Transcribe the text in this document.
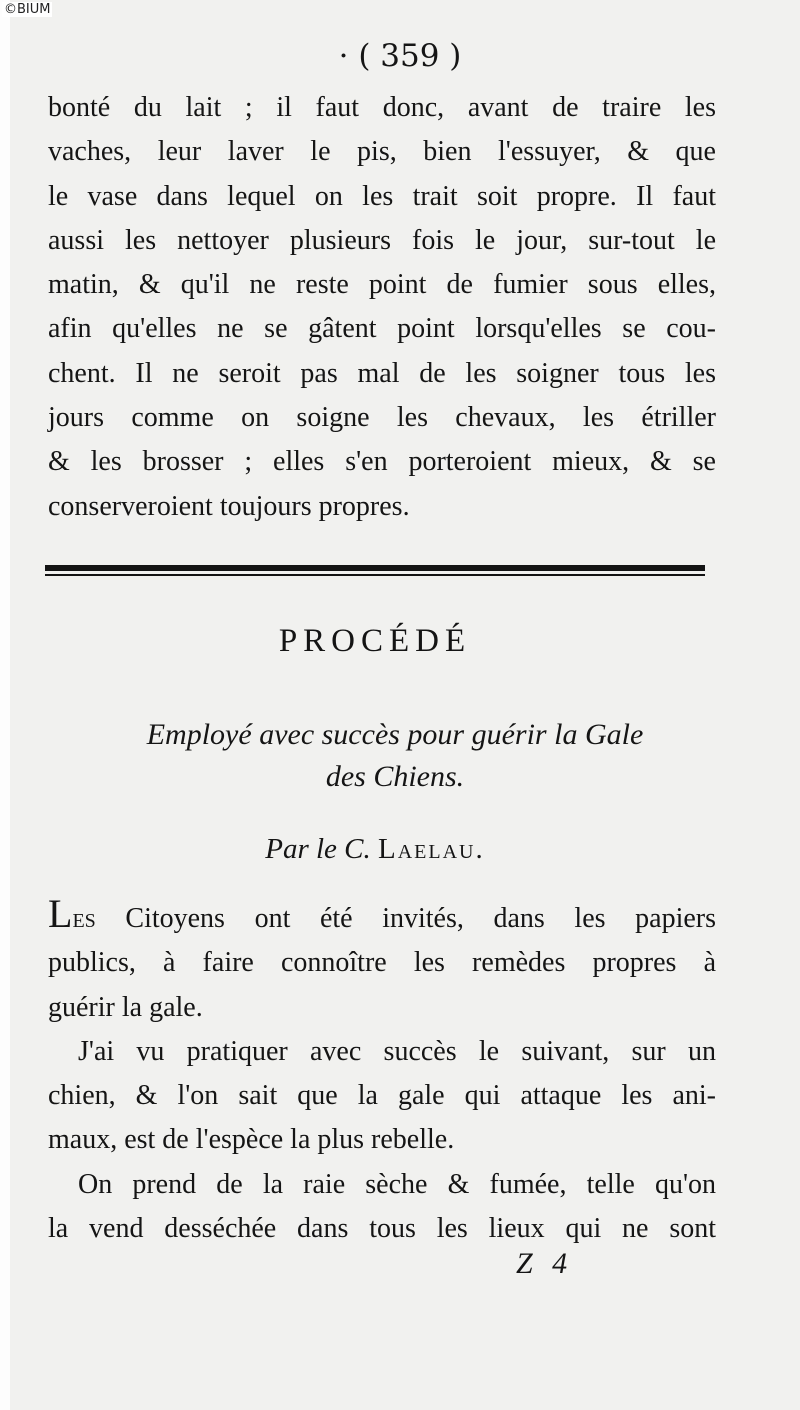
©BIUM
· ( 359 )
bonté du lait ; il faut donc, avant de traire les
vaches, leur laver le pis, bien l'essuyer, & que
le vase dans lequel on les trait soit propre. Il faut
aussi les nettoyer plusieurs fois le jour, sur-tout le
matin, & qu'il ne reste point de fumier sous elles,
afin qu'elles ne se gâtent point lorsqu'elles se cou-
chent. Il ne seroit pas mal de les soigner tous les
jours comme on soigne les chevaux, les étriller
& les brosser ; elles s'en porteroient mieux, & se
conserveroient toujours propres.
PROCÉDÉ
Employé avec succès pour guérir la Gale
des Chiens.
Par le C. Laelau.
Les Citoyens ont été invités, dans les papiers
publics, à faire connoître les remèdes propres à
guérir la gale.
J'ai vu pratiquer avec succès le suivant, sur un
chien, & l'on sait que la gale qui attaque les ani-
maux, est de l'espèce la plus rebelle.
On prend de la raie sèche & fumée, telle qu'on
la vend desséchée dans tous les lieux qui ne sont
Z 4
